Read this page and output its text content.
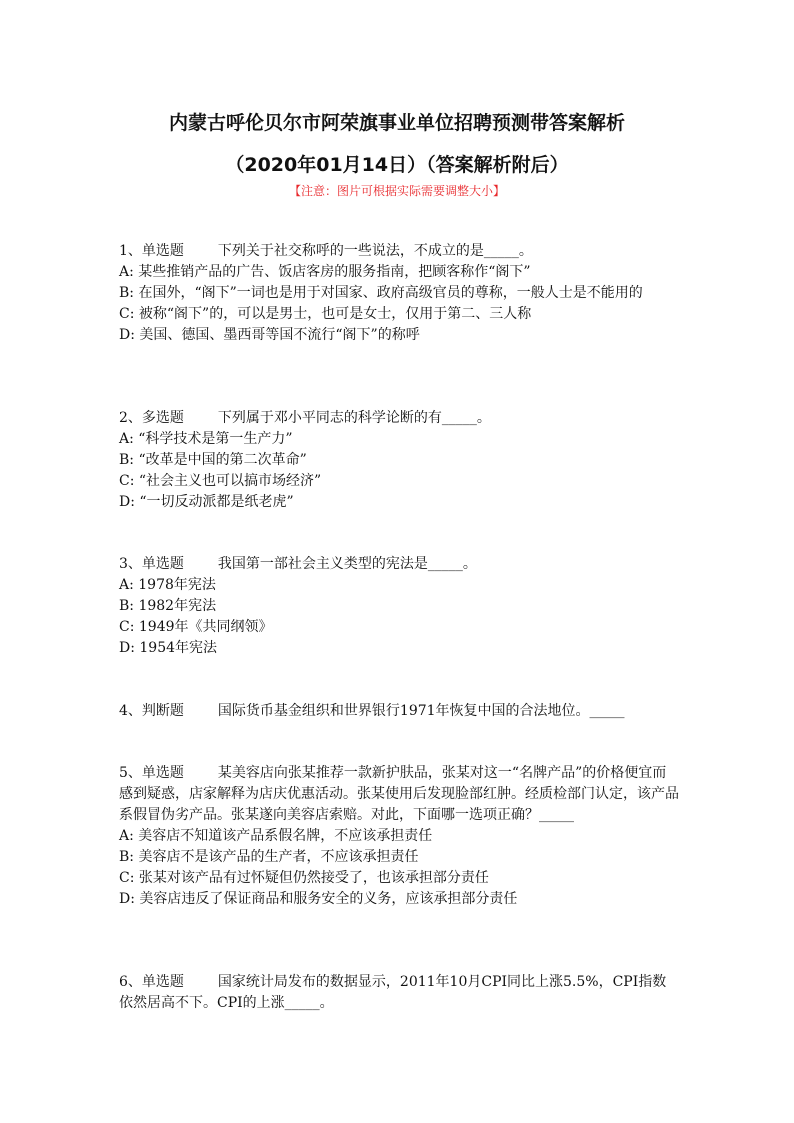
内蒙古呼伦贝尔市阿荣旗事业单位招聘预测带答案解析
（2020年01月14日）（答案解析附后）
【注意：图片可根据实际需要调整大小】

1、单选题 下列关于社交称呼的一些说法，不成立的是_____。

A: 某些推销产品的广告、饭店客房的服务指南，把顾客称作“阁下”

B: 在国外，“阁下”一词也是用于对国家、政府高级官员的尊称，一般人士是不能用的

C: 被称“阁下”的，可以是男士，也可是女士，仅用于第二、三人称

D: 美国、德国、墨西哥等国不流行“阁下”的称呼

2、多选题 下列属于邓小平同志的科学论断的有_____。

A: “科学技术是第一生产力”

B: “改革是中国的第二次革命”

C: “社会主义也可以搞市场经济”

D: “一切反动派都是纸老虎”

3、单选题 我国第一部社会主义类型的宪法是_____。

A: 1978年宪法

B: 1982年宪法

C: 1949年《共同纲领》

D: 1954年宪法

4、判断题 国际货币基金组织和世界银行1971年恢复中国的合法地位。_____

5、单选题 某美容店向张某推荐一款新护肤品，张某对这一“名牌产品”的价格便宜而感到疑惑，店家解释为店庆优惠活动。张某使用后发现脸部红肿。经质检部门认定，该产品系假冒伪劣产品。张某遂向美容店索赔。对此，下面哪一选项正确？_____

A: 美容店不知道该产品系假名牌，不应该承担责任

B: 美容店不是该产品的生产者，不应该承担责任

C: 张某对该产品有过怀疑但仍然接受了，也该承担部分责任

D: 美容店违反了保证商品和服务安全的义务，应该承担部分责任

6、单选题 国家统计局发布的数据显示，2011年10月CPI同比上涨5.5%，CPI指数依然居高不下。CPI的上涨_____。
